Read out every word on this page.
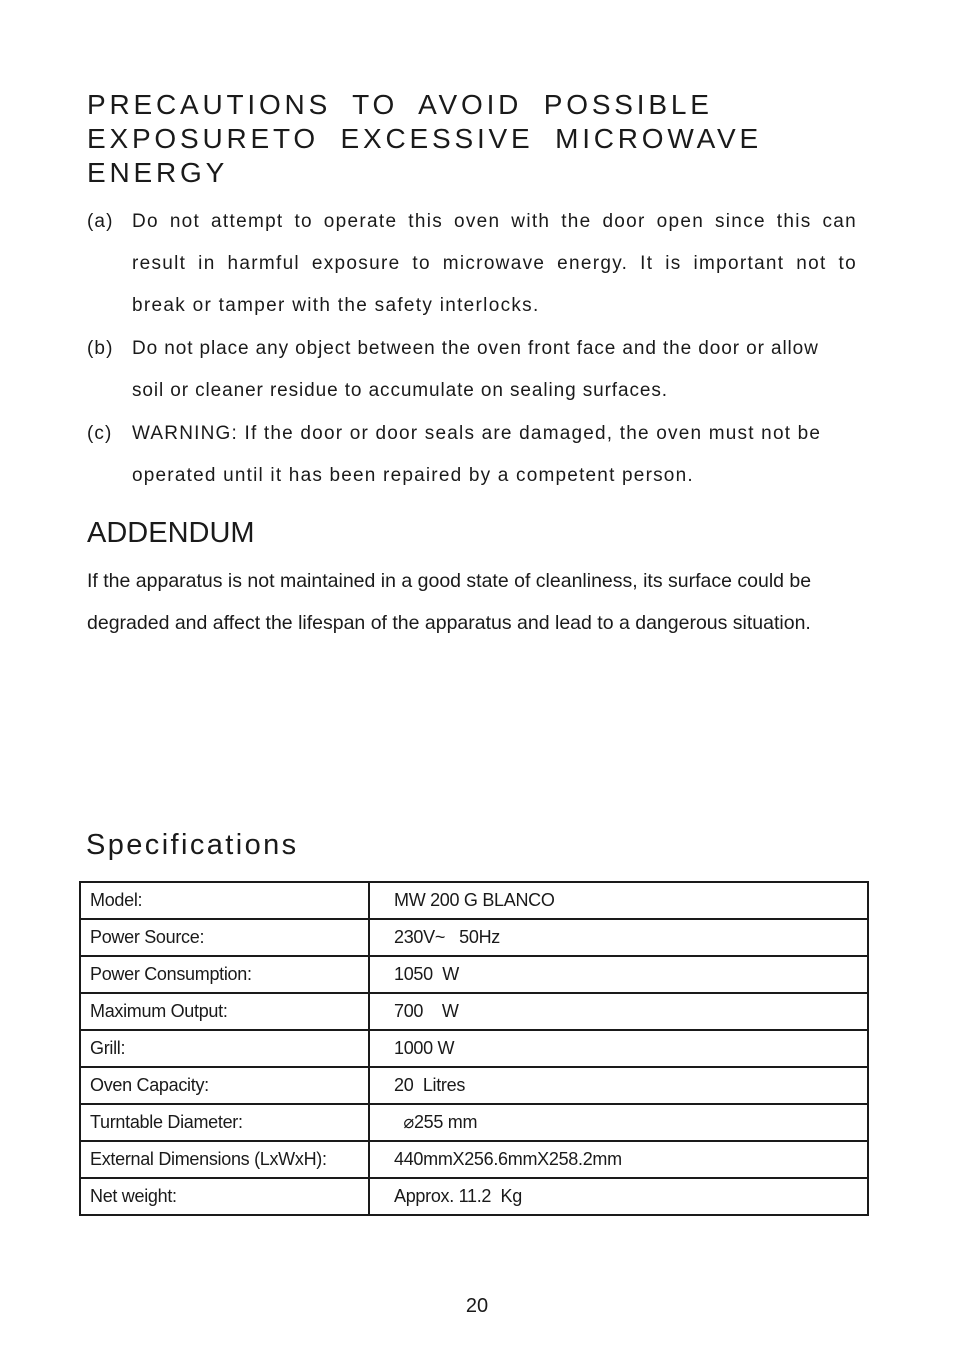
PRECAUTIONS TO AVOID POSSIBLE EXPOSURETO EXCESSIVE MICROWAVE ENERGY
(a) Do not attempt to operate this oven with the door open since this can result in harmful exposure to microwave energy. It is important not to break or tamper with the safety interlocks.
(b) Do not place any object between the oven front face and the door or allow soil or cleaner residue to accumulate on sealing surfaces.
(c) WARNING: If the door or door seals are damaged, the oven must not be operated until it has been repaired by a competent person.
ADDENDUM

If the apparatus is not maintained in a good state of cleanliness, its surface could be degraded and affect the lifespan of the apparatus and lead to a dangerous situation.

Specifications
Model:	MW 200 G BLANCO
Power Source:	230V~   50Hz
Power Consumption:	1050  W
Maximum Output:	700    W
Grill:	1000 W
Oven Capacity:	20  Litres
Turntable Diameter:	⌀255 mm
External Dimensions (LxWxH):	440mmX256.6mmX258.2mm
Net weight:	Approx. 11.2  Kg
20
